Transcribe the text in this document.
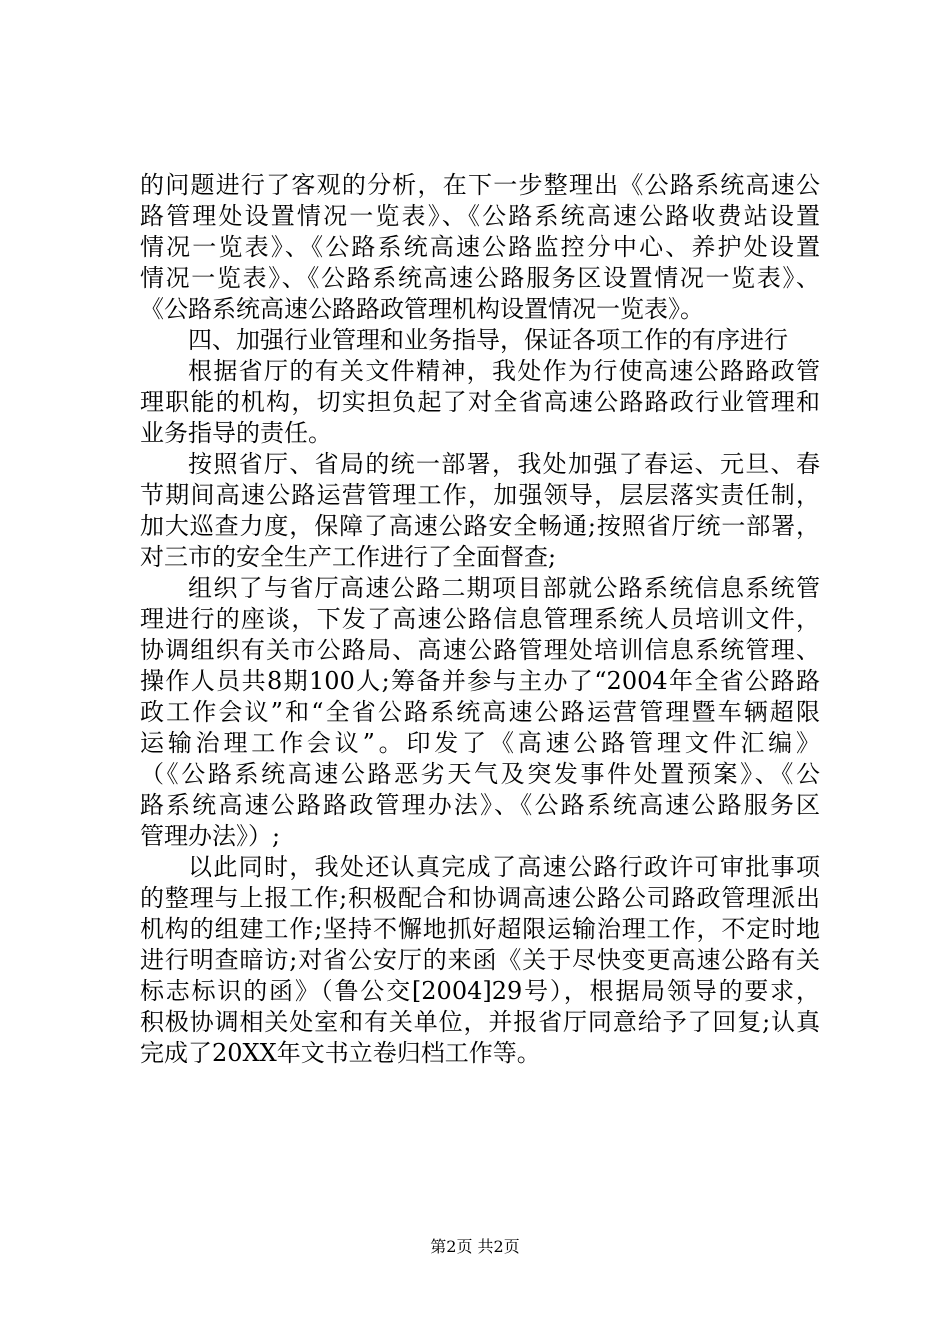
的问题进行了客观的分析，在下一步整理出《公路系统高速公
路管理处设置情况一览表》、《公路系统高速公路收费站设置
情况一览表》、《公路系统高速公路监控分中心、养护处设置
情况一览表》、《公路系统高速公路服务区设置情况一览表》、
《公路系统高速公路路政管理机构设置情况一览表》。
四、加强行业管理和业务指导，保证各项工作的有序进行
根据省厅的有关文件精神，我处作为行使高速公路路政管
理职能的机构，切实担负起了对全省高速公路路政行业管理和
业务指导的责任。
按照省厅、省局的统一部署，我处加强了春运、元旦、春
节期间高速公路运营管理工作，加强领导，层层落实责任制，
加大巡查力度，保障了高速公路安全畅通;按照省厅统一部署，
对三市的安全生产工作进行了全面督查;
组织了与省厅高速公路二期项目部就公路系统信息系统管
理进行的座谈，下发了高速公路信息管理系统人员培训文件，
协调组织有关市公路局、高速公路管理处培训信息系统管理、
操作人员共8期100人;筹备并参与主办了“2004年全省公路路
政工作会议”和“全省公路系统高速公路运营管理暨车辆超限
运输治理工作会议”。印发了《高速公路管理文件汇编》
（《公路系统高速公路恶劣天气及突发事件处置预案》、《公
路系统高速公路路政管理办法》、《公路系统高速公路服务区
管理办法》）;
以此同时，我处还认真完成了高速公路行政许可审批事项
的整理与上报工作;积极配合和协调高速公路公司路政管理派出
机构的组建工作;坚持不懈地抓好超限运输治理工作，不定时地
进行明查暗访;对省公安厅的来函《关于尽快变更高速公路有关
标志标识的函》（鲁公交[2004]29号），根据局领导的要求，
积极协调相关处室和有关单位，并报省厅同意给予了回复;认真
完成了20XX年文书立卷归档工作等。
第2页 共2页
